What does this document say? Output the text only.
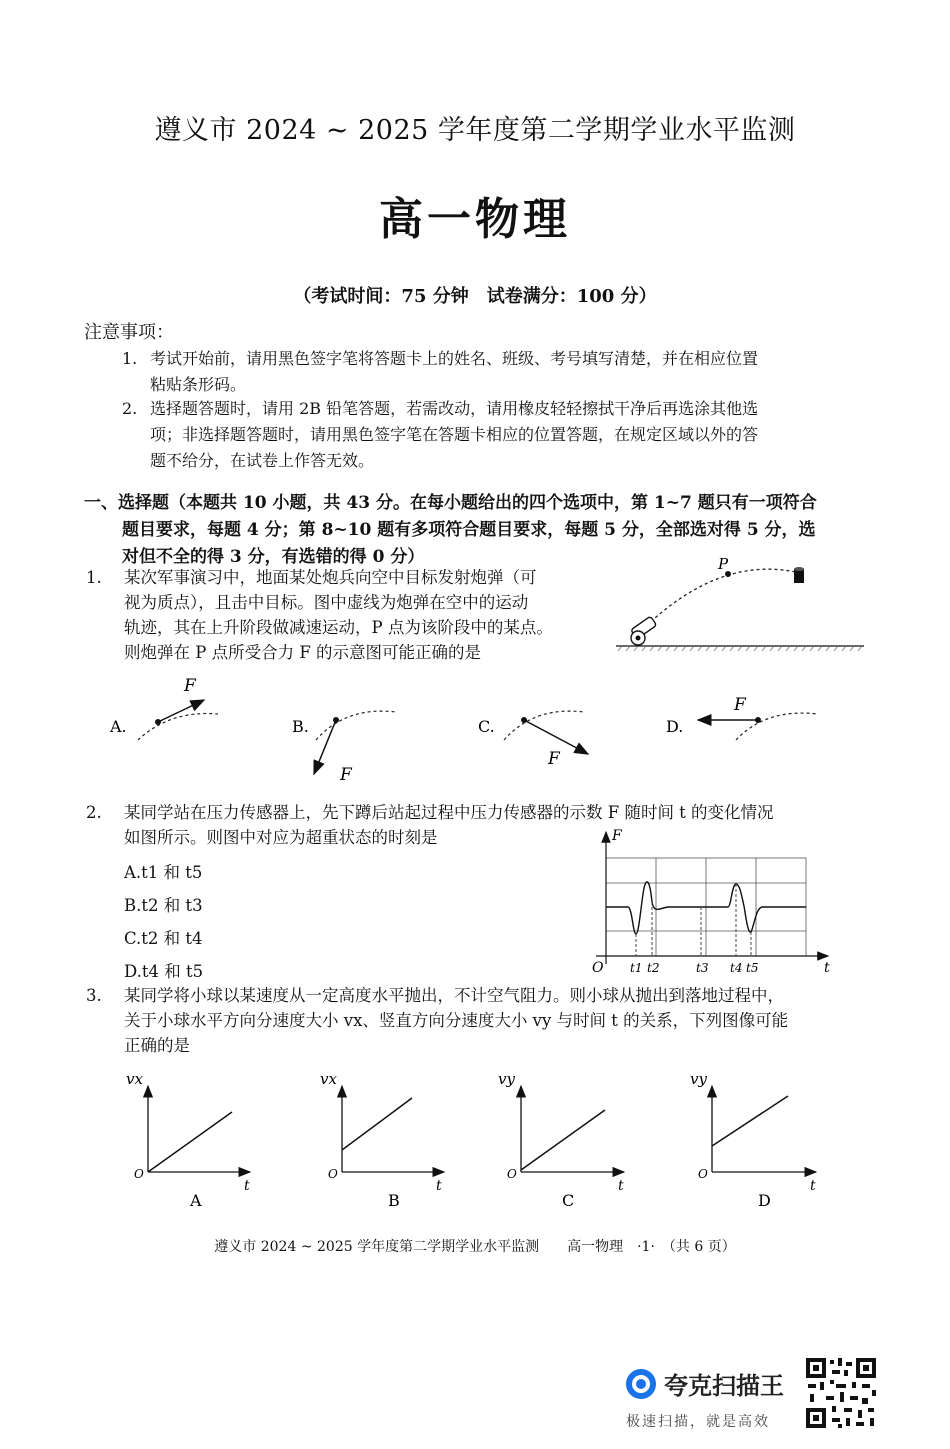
遵义市 2024 ~ 2025 学年度第二学期学业水平监测
高一物理
（考试时间：75 分钟　试卷满分：100 分）
注意事项：
1. 考试开始前，请用黑色签字笔将答题卡上的姓名、班级、考号填写清楚，并在相应位置
粘贴条形码。
2. 选择题答题时，请用 2B 铅笔答题，若需改动，请用橡皮轻轻擦拭干净后再选涂其他选
项；非选择题答题时，请用黑色签字笔在答题卡相应的位置答题，在规定区域以外的答
题不给分，在试卷上作答无效。
一、选择题（本题共 10 小题，共 43 分。在每小题给出的四个选项中，第 1~7 题只有一项符合
题目要求，每题 4 分；第 8~10 题有多项符合题目要求，每题 5 分，全部选对得 5 分，选
对但不全的得 3 分，有选错的得 0 分）
1. 某次军事演习中，地面某处炮兵向空中目标发射炮弹（可
视为质点），且击中目标。图中虚线为炮弹在空中的运动
轨迹，其在上升阶段做减速运动，P 点为该阶段中的某点。
则炮弹在 P 点所受合力 F 的示意图可能正确的是
P
A.
F
B.
F
C.
F
D.
F
2. 某同学站在压力传感器上，先下蹲后站起过程中压力传感器的示数 F 随时间 t 的变化情况
如图所示。则图中对应为超重状态的时刻是
A.t1 和 t5
B.t2 和 t3
C.t2 和 t4
D.t4 和 t5
F
t
O t1 t2	t3 t4 t5
3. 某同学将小球以某速度从一定高度水平抛出，不计空气阻力。则小球从抛出到落地过程中，
关于小球水平方向分速度大小 vx、竖直方向分速度大小 vy 与时间 t 的关系，下列图像可能
正确的是
vx
t
O
A
vx
t
O
B
vy
t
O
C
vy
t
O
D
遵义市 2024 ~ 2025 学年度第二学期学业水平监测　　高一物理　·1·　（共 6 页）
夸克扫描王
极速扫描，就是高效
